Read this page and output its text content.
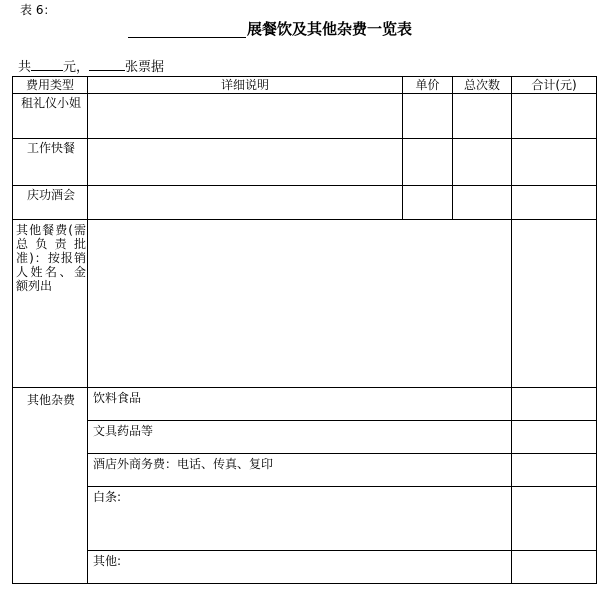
表 6：
展餐饮及其他杂费一览表
共 元，	张票据
费用类型	详细说明	单价	总次数	合计(元)
租礼仪小姐				
工作快餐				
庆功酒会				
其他餐费(需总负责批准)：按报销人姓名、金额列出				
其他杂费	饮料食品			
	文具药品等			
	酒店外商务费：电话、传真、复印			
	白条:			
	其他:			
